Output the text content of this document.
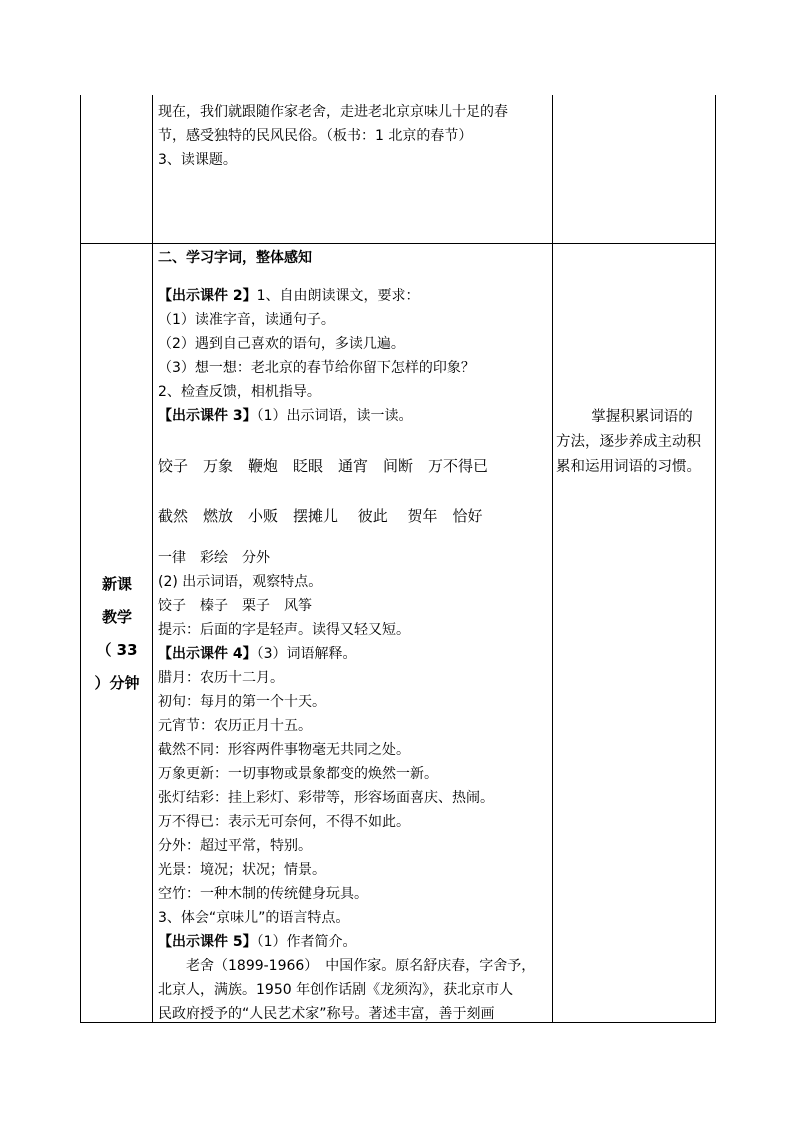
现在，我们就跟随作家老舍，走进老北京京味儿十足的春
节，感受独特的民风民俗。（板书：1 北京的春节）
3、读课题。
新课
教学
（ 33
）分钟
掌握积累词语的
方法，逐步养成主动积
累和运用词语的习惯。
二、学习字词，整体感知
【出示课件 2】1、自由朗读课文，要求：
（1）读准字音，读通句子。
（2）遇到自己喜欢的语句，多读几遍。
（3）想一想：老北京的春节给你留下怎样的印象？
2、检查反馈，相机指导。
【出示课件 3】（1）出示词语，读一读。
饺子　万象　鞭炮　眨眼　通宵　间断　万不得已
截然　燃放　小贩　摆摊儿　 彼此　 贺年　恰好
一律　彩绘　分外
(2) 出示词语，观察特点。
饺子　榛子　栗子　风筝
提示：后面的字是轻声。读得又轻又短。
【出示课件 4】（3）词语解释。
腊月：农历十二月。
初旬：每月的第一个十天。
元宵节：农历正月十五。
截然不同：形容两件事物毫无共同之处。
万象更新：一切事物或景象都变的焕然一新。
张灯结彩：挂上彩灯、彩带等，形容场面喜庆、热闹。
万不得已：表示无可奈何，不得不如此。
分外：超过平常，特别。
光景：境况；状况；情景。
空竹：一种木制的传统健身玩具。
3、体会“京味儿”的语言特点。
【出示课件 5】（1）作者简介。
　　老舍（1899-1966）　中国作家。原名舒庆春，字舍予，
北京人，满族。1950 年创作话剧《龙须沟》，获北京市人
民政府授予的“人民艺术家”称号。著述丰富，善于刻画
